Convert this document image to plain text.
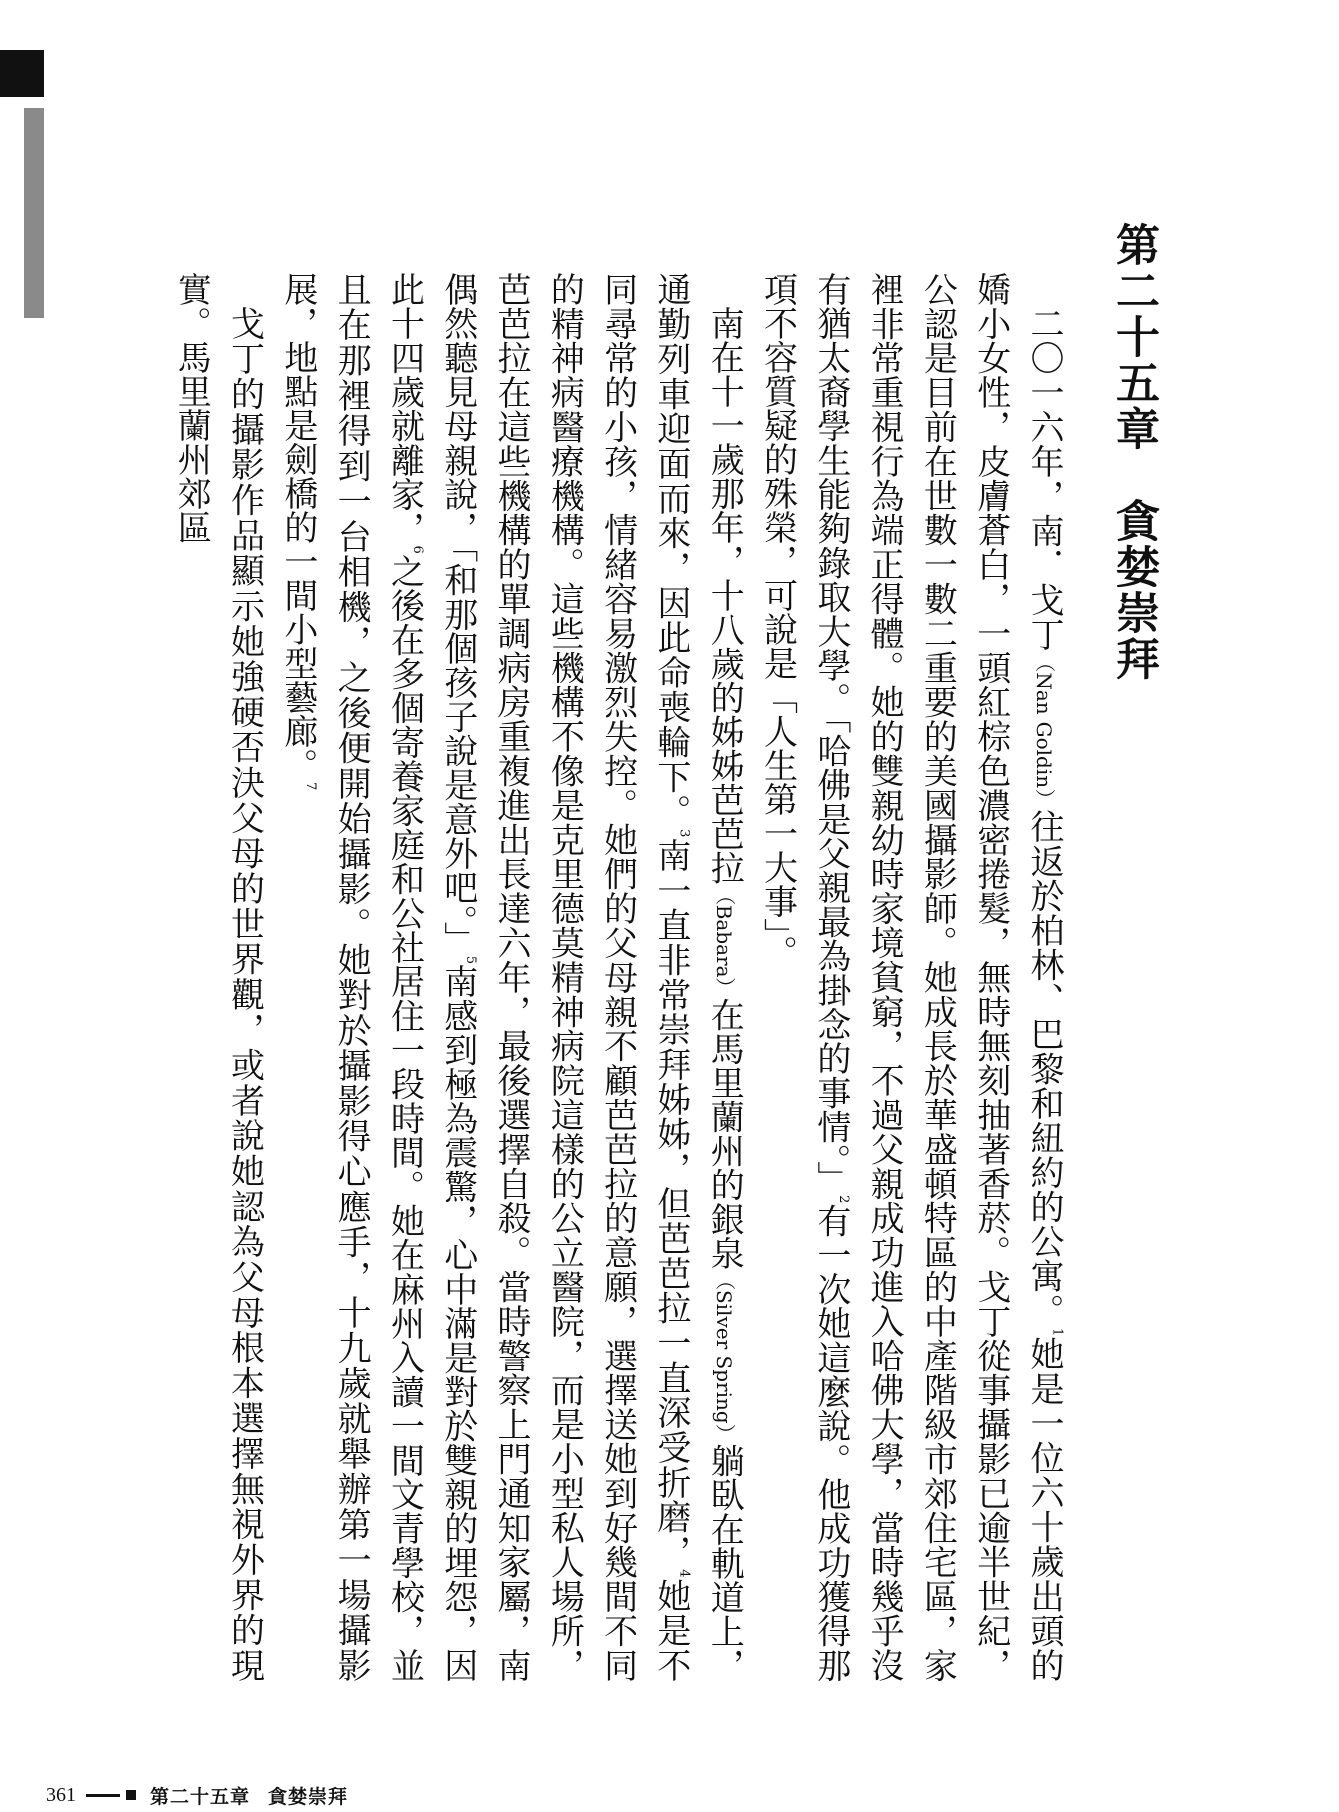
第二十五章　貪婪崇拜

二〇一六年，南．戈丁（Nan Goldin）往返於柏林、巴黎和紐約的公寓。$^1$她是一位六十歲出頭的嬌小女性，皮膚蒼白，一頭紅棕色濃密捲髮，無時無刻抽著香菸。戈丁從事攝影已逾半世紀，公認是目前在世數一數二重要的美國攝影師。她成長於華盛頓特區的中產階級市郊住宅區，家裡非常重視行為端正得體。她的雙親幼時家境貧窮，不過父親成功進入哈佛大學，當時幾乎沒有猶太裔學生能夠錄取大學。「哈佛是父親最為掛念的事情。」$^2$有一次她這麼說。他成功獲得那項不容質疑的殊榮，可說是「人生第一大事」。

南在十一歲那年，十八歲的姊姊芭芭拉（Babara）在馬里蘭州的銀泉（Silver Spring）躺臥在軌道上，通勤列車迎面而來，因此命喪輪下。$^3$南一直非常崇拜姊姊，但芭芭拉一直深受折磨，$^4$她是不同尋常的小孩，情緒容易激烈失控。她們的父母親不顧芭芭拉的意願，選擇送她到好幾間不同的精神病醫療機構。這些機構不像是克里德莫精神病院這樣的公立醫院，而是小型私人場所，芭芭拉在這些機構的單調病房重複進出長達六年，最後選擇自殺。當時警察上門通知家屬，南偶然聽見母親說，「和那個孩子說是意外吧。」$^5$南感到極為震驚，心中滿是對於雙親的埋怨，因此十四歲就離家，$^6$之後在多個寄養家庭和公社居住一段時間。她在麻州入讀一間文青學校，並且在那裡得到一台相機，之後便開始攝影。她對於攝影得心應手，十九歲就舉辦第一場攝影展，地點是劍橋的一間小型藝廊。$^7$

戈丁的攝影作品顯示她強硬否決父母的世界觀，或者說她認為父母根本選擇無視外界的現實。馬里蘭州郊區

361	第二十五章 貪婪崇拜
